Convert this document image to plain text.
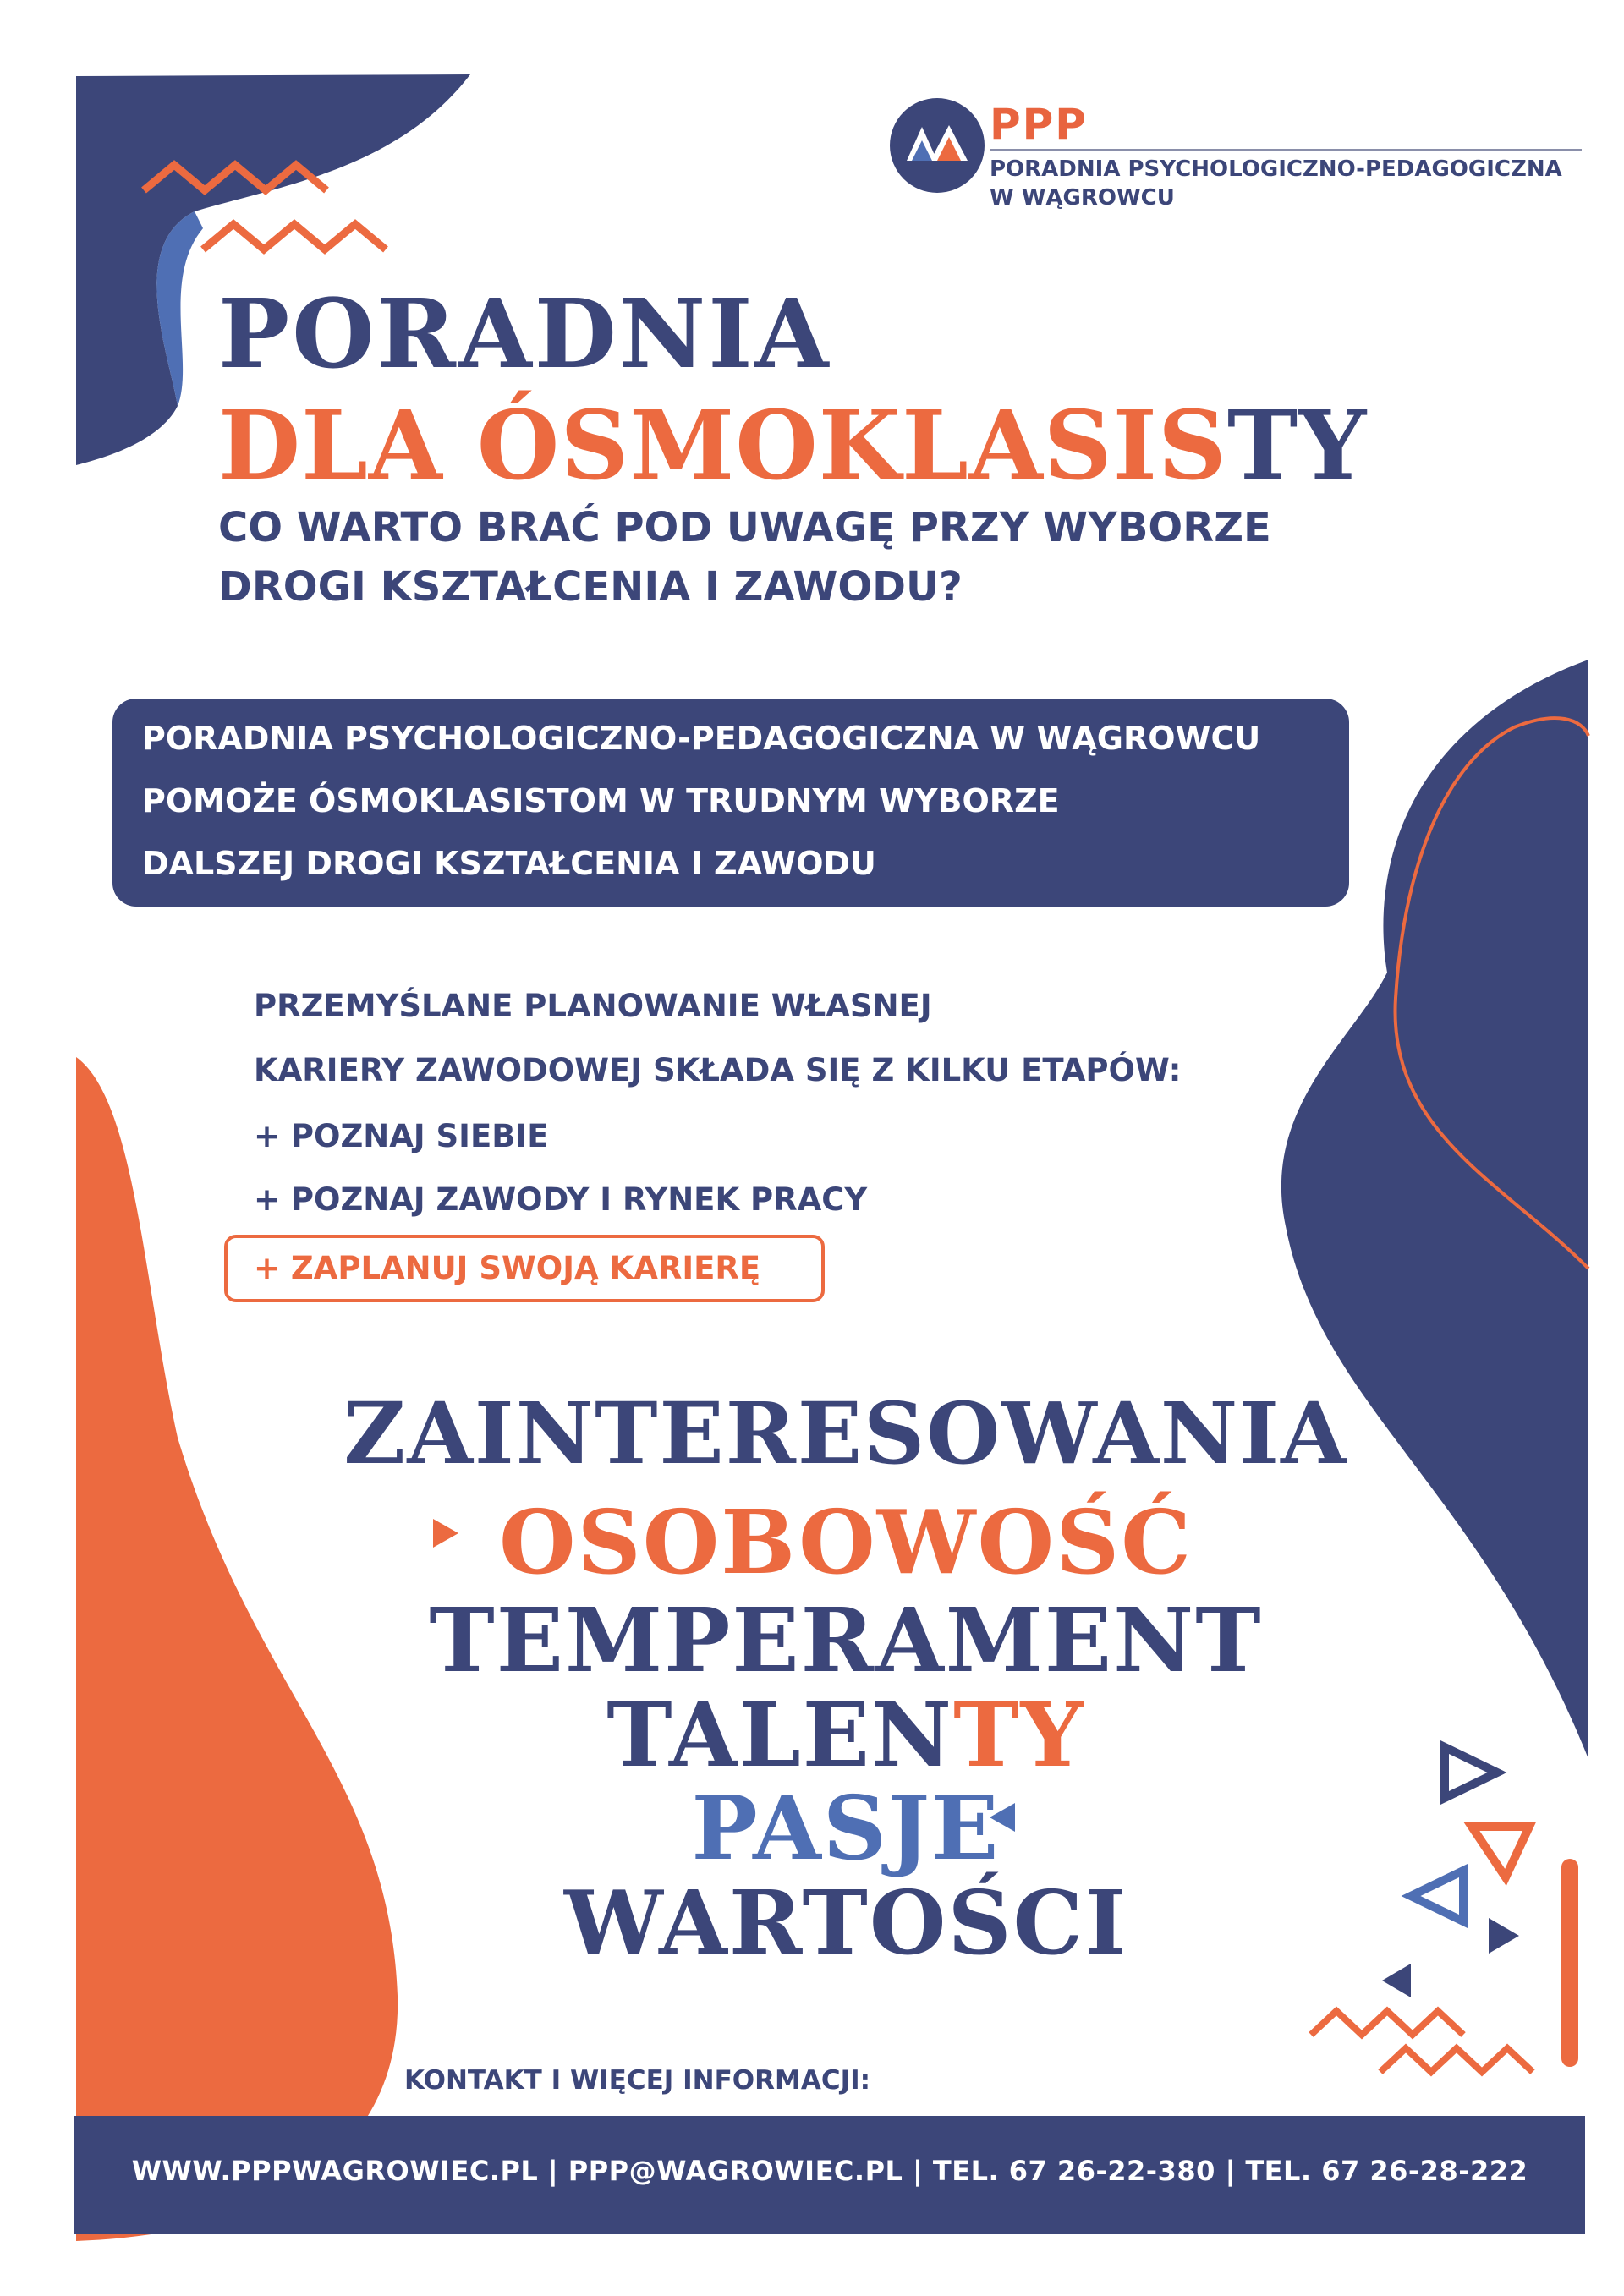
PPP
PORADNIA PSYCHOLOGICZNO-PEDAGOGICZNA
W WĄGROWCU
PORADNIA
DLA ÓSMOKLASISTY
CO WARTO BRAĆ POD UWAGĘ PRZY WYBORZE
DROGI KSZTAŁCENIA I ZAWODU?
PORADNIA PSYCHOLOGICZNO-PEDAGOGICZNA W WĄGROWCU
POMOŻE ÓSMOKLASISTOM W TRUDNYM WYBORZE
DALSZEJ DROGI KSZTAŁCENIA I ZAWODU
PRZEMYŚLANE PLANOWANIE WŁASNEJ
KARIERY ZAWODOWEJ SKŁADA SIĘ Z KILKU ETAPÓW:
+ POZNAJ SIEBIE
+ POZNAJ ZAWODY I RYNEK PRACY
+ ZAPLANUJ SWOJĄ KARIERĘ
ZAINTERESOWANIA
OSOBOWOŚĆ
TEMPERAMENT
TALENTY
PASJE
WARTOŚCI
KONTAKT I WIĘCEJ INFORMACJI:
WWW.PPPWAGROWIEC.PL | PPP@WAGROWIEC.PL | TEL. 67 26-22-380 | TEL. 67 26-28-222
